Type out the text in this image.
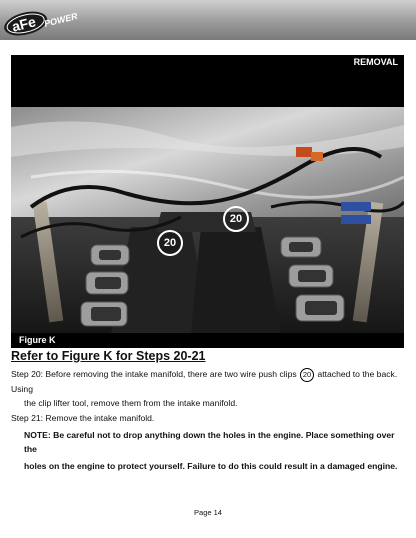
aFe POWER
REMOVAL
20
20
Figure K
Refer to Figure K for Steps 20-21

Step 20: Before removing the intake manifold, there are two wire push clips 20 attached to the back. Using

the clip lifter tool, remove them from the intake manifold.

Step 21: Remove the intake manifold.

NOTE: Be careful not to drop anything down the holes in the engine. Place something over the

holes on the engine to protect yourself. Failure to do this could result in a damaged engine.

Page 14
